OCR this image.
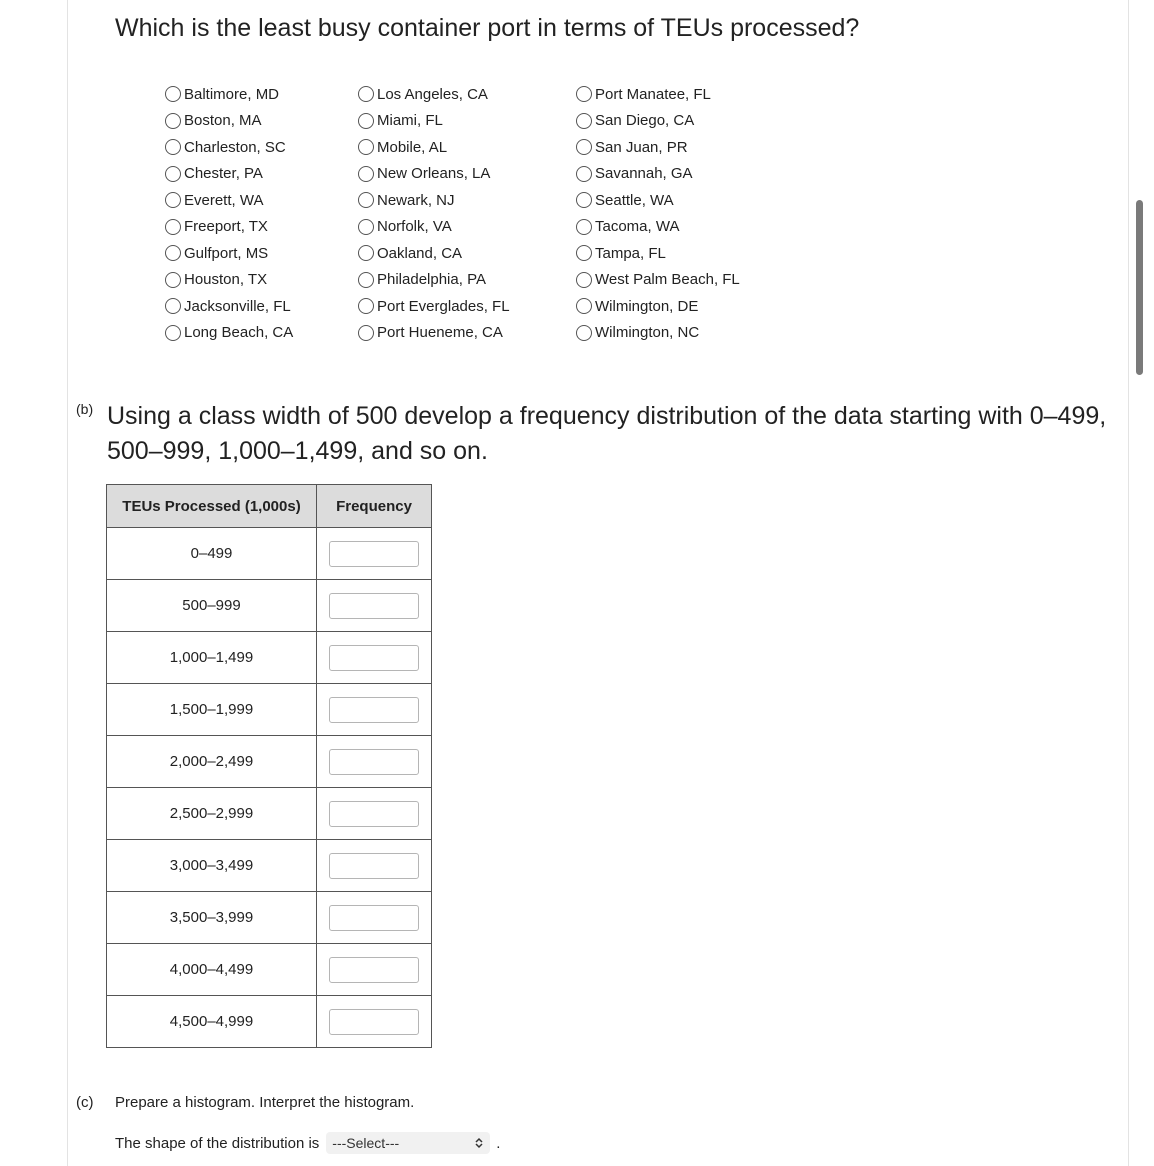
Which is the least busy container port in terms of TEUs processed?
Baltimore, MD
Boston, MA
Charleston, SC
Chester, PA
Everett, WA
Freeport, TX
Gulfport, MS
Houston, TX
Jacksonville, FL
Long Beach, CA
Los Angeles, CA
Miami, FL
Mobile, AL
New Orleans, LA
Newark, NJ
Norfolk, VA
Oakland, CA
Philadelphia, PA
Port Everglades, FL
Port Hueneme, CA
Port Manatee, FL
San Diego, CA
San Juan, PR
Savannah, GA
Seattle, WA
Tacoma, WA
Tampa, FL
West Palm Beach, FL
Wilmington, DE
Wilmington, NC
(b) Using a class width of 500 develop a frequency distribution of the data starting with 0–499, 500–999, 1,000–1,499, and so on.
TEUs Processed (1,000s)	Frequency
0–499	
500–999	
1,000–1,499	
1,500–1,999	
2,000–2,499	
2,500–2,999	
3,000–3,499	
3,500–3,999	
4,000–4,499	
4,500–4,999	
(c) Prepare a histogram. Interpret the histogram.
The shape of the distribution is ---Select---	.
